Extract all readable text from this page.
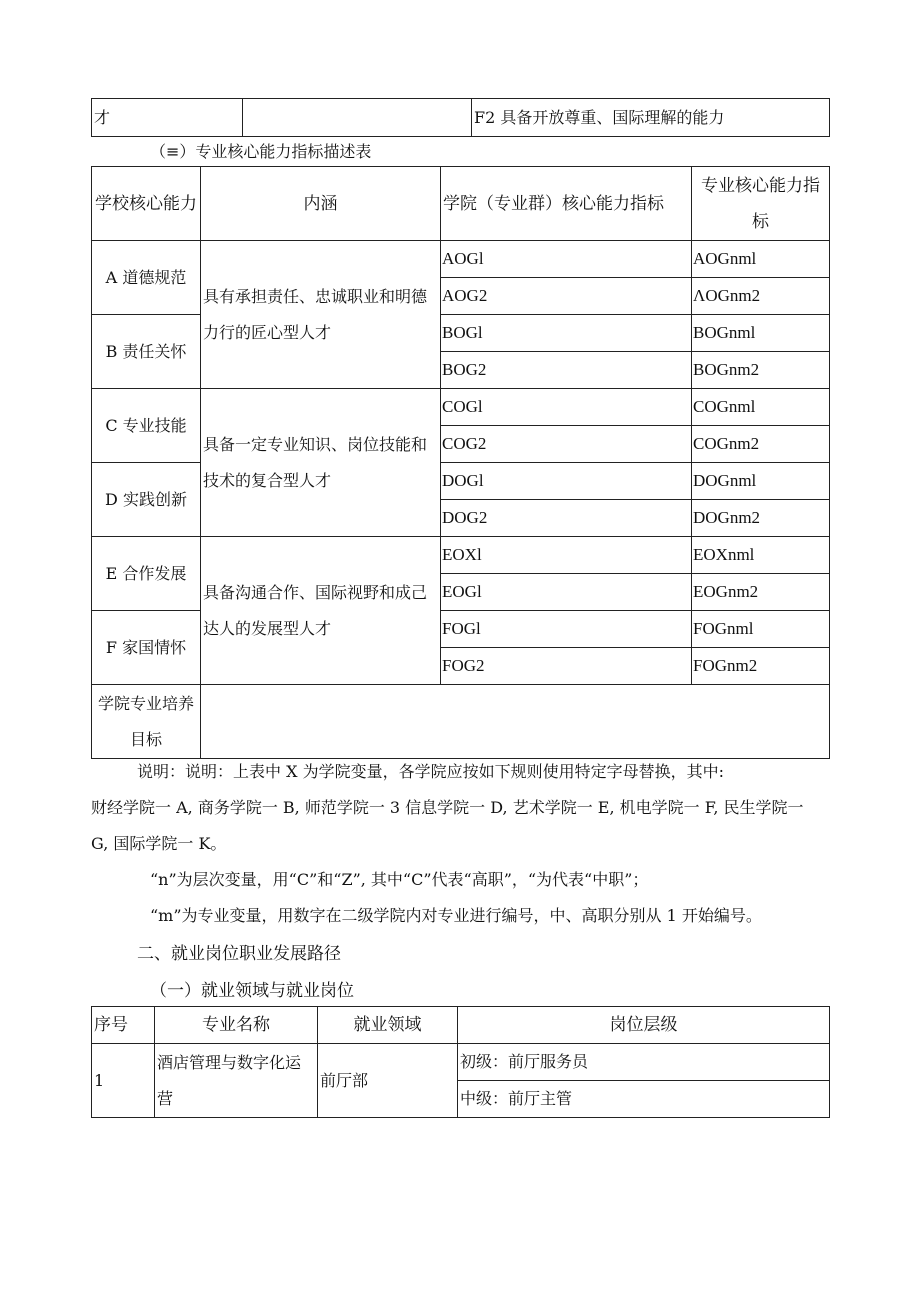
才		F2 具备开放尊重、国际理解的能力
（≡）专业核心能力指标描述表
学校核心能力	内涵	学院（专业群）核心能力指标	专业核心能力指标
A 道德规范	具有承担责任、忠诚职业和明德力行的匠心型人才	AOGl	AOGnml
		AOG2	ΛOGnm2
B 责任关怀		BOGl	BOGnml
		BOG2	BOGnm2
C 专业技能	具备一定专业知识、岗位技能和技术的复合型人才	COGl	COGnml
		COG2	COGnm2
D 实践创新		DOGl	DOGnml
		DOG2	DOGnm2
E 合作发展	具备沟通合作、国际视野和成己达人的发展型人才	EOXl	EOXnml
		EOGl	EOGnm2
F 家国情怀		FOGl	FOGnml
		FOG2	FOGnm2
学院专业培养目标			
说明：说明：上表中 X 为学院变量，各学院应按如下规则使用特定字母替换，其中:
财经学院一 A, 商务学院一 B, 师范学院一 3 信息学院一 D, 艺术学院一 E, 机电学院一 F, 民生学院一
G, 国际学院一 K。
“n”为层次变量，用“C”和“Z”, 其中“C”代表“高职”，“为代表“中职”；
“m”为专业变量，用数字在二级学院内对专业进行编号，中、高职分别从 1 开始编号。
二、就业岗位职业发展路径
（一）就业领域与就业岗位
序号	专业名称	就业领域	岗位层级
1	酒店管理与数字化运营	前厅部	初级：前厅服务员
			中级：前厅主管
